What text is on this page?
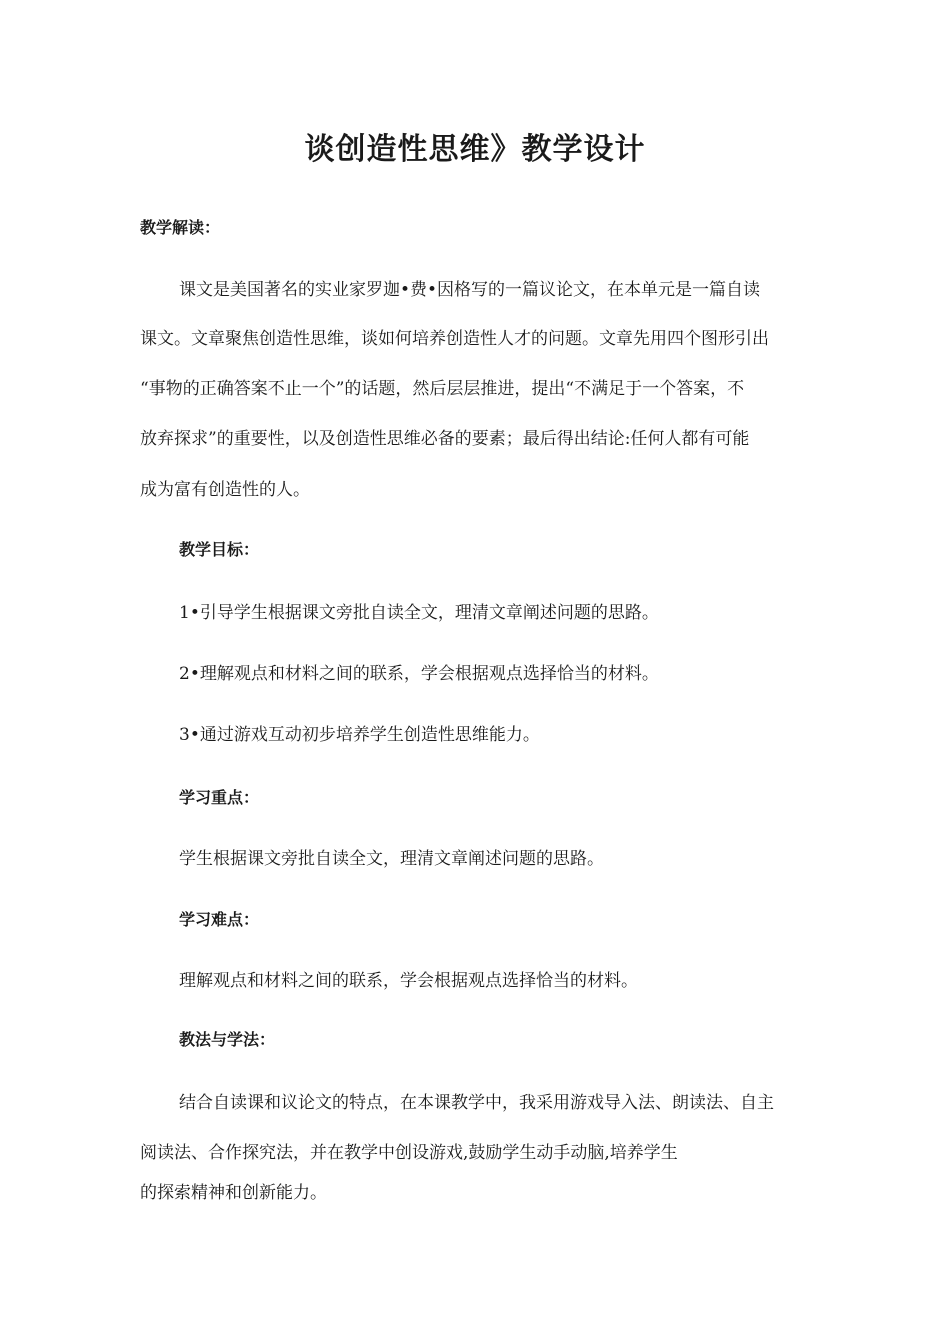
谈创造性思维》教学设计
教学解读：
课文是美国著名的实业家罗迦•费•因格写的一篇议论文，在本单元是一篇自读
课文。文章聚焦创造性思维，谈如何培养创造性人才的问题。文章先用四个图形引出
“事物的正确答案不止一个”的话题，然后层层推进，提出“不满足于一个答案，不
放弃探求”的重要性，以及创造性思维必备的要素；最后得出结论:任何人都有可能
成为富有创造性的人。
教学目标：
1•引导学生根据课文旁批自读全文，理清文章阐述问题的思路。
2•理解观点和材料之间的联系，学会根据观点选择恰当的材料。
3•通过游戏互动初步培养学生创造性思维能力。
学习重点：
学生根据课文旁批自读全文，理清文章阐述问题的思路。
学习难点：
理解观点和材料之间的联系，学会根据观点选择恰当的材料。
教法与学法：
结合自读课和议论文的特点，在本课教学中，我采用游戏导入法、朗读法、自主
阅读法、合作探究法，并在教学中创设游戏,鼓励学生动手动脑,培养学生
的探索精神和创新能力。
